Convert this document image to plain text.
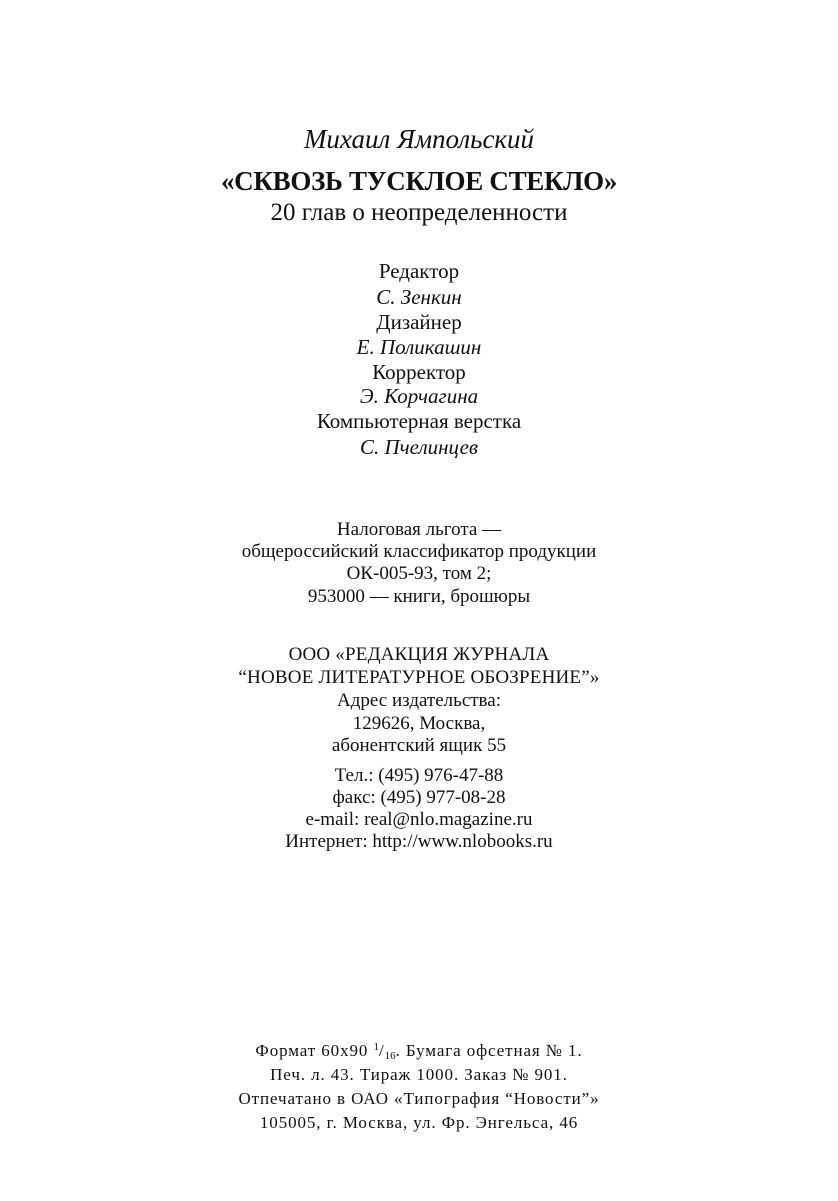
Михаил Ямпольский
«СКВОЗЬ ТУСКЛОЕ СТЕКЛО»
20 глав о неопределенности
Редактор
С. Зенкин
Дизайнер
Е. Поликашин
Корректор
Э. Корчагина
Компьютерная верстка
С. Пчелинцев
Налоговая льгота —
общероссийский классификатор продукции
ОК-005-93, том 2;
953000 — книги, брошюры
ООО «РЕДАКЦИЯ ЖУРНАЛА
“НОВОЕ ЛИТЕРАТУРНОЕ ОБОЗРЕНИЕ”»
Адрес издательства:
129626, Москва,
абонентский ящик 55
Тел.: (495) 976-47-88
факс: (495) 977-08-28
e-mail: real@nlo.magazine.ru
Интернет: http://www.nlobooks.ru
Формат 60x90 $^1/_{16}$. Бумага офсетная № 1.
Печ. л. 43. Тираж 1000. Заказ № 901.
Отпечатано в ОАО «Типография “Новости”»
105005, г. Москва, ул. Фр. Энгельса, 46
